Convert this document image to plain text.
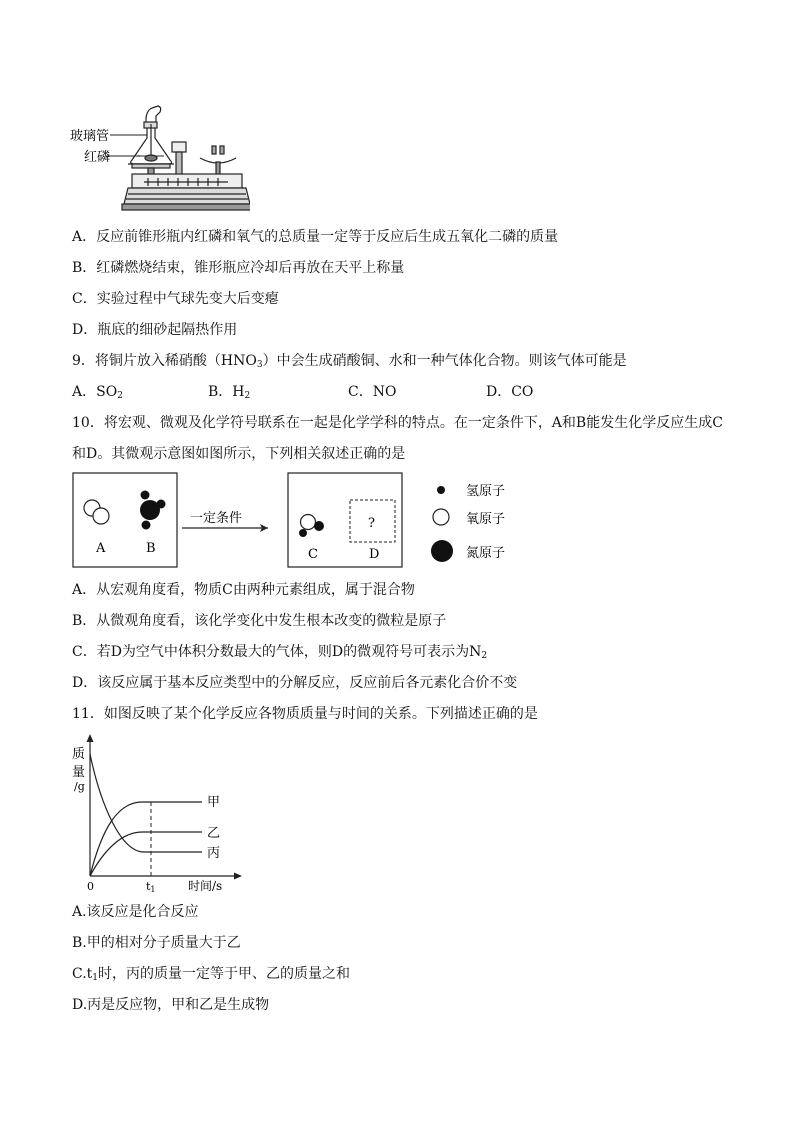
玻璃管
红磷
A．反应前锥形瓶内红磷和氧气的总质量一定等于反应后生成五氧化二磷的质量
B．红磷燃烧结束，锥形瓶应冷却后再放在天平上称量
C．实验过程中气球先变大后变瘪
D．瓶底的细砂起隔热作用
9．将铜片放入稀硝酸$(HNO_3)$中会生成硝酸铜、水和一种气体化合物。则该气体可能是
A．$SO_2$	B．$H_2$	C．NO	D．CO
10．将宏观、微观及化学符号联系在一起是化学学科的特点。在一定条件下，A和B能发生化学反应生成C
和D。其微观示意图如图所示，下列相关叙述正确的是
A	B
一定条件	?
C	D
氢原子
氧原子
氮原子
A．从宏观角度看，物质C由两种元素组成，属于混合物
B．从微观角度看，该化学变化中发生根本改变的微粒是原子
C．若D为空气中体积分数最大的气体，则D的微观符号可表示为$N_2$
D．该反应属于基本反应类型中的分解反应，反应前后各元素化合价不变
11．如图反映了某个化学反应各物质质量与时间的关系。下列描述正确的是
质
量
/g
0	t1	时间/s
甲
乙
丙
A.该反应是化合反应
B.甲的相对分子质量大于乙
$C.t_1$时，丙的质量一定等于甲、乙的质量之和
D.丙是反应物，甲和乙是生成物
